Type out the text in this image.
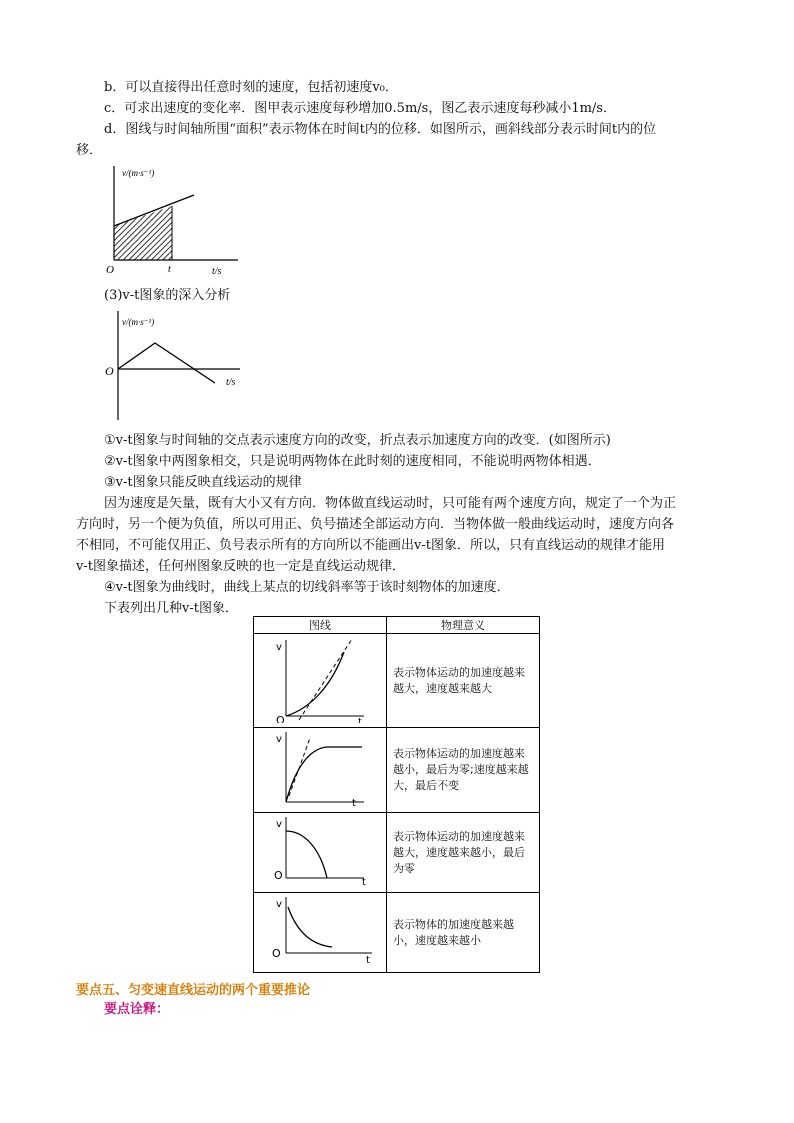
b．可以直接得出任意时刻的速度，包括初速度v₀．
c．可求出速度的变化率．图甲表示速度每秒增加0.5m/s，图乙表示速度每秒减小1m/s．
d．图线与时间轴所围“面积”表示物体在时间t内的位移．如图所示，画斜线部分表示时间t内的位
移．
v/(m·s⁻¹)
O	t	t/s
(3)v-t图象的深入分析
v/(m·s⁻¹)
O
t/s
①v-t图象与时间轴的交点表示速度方向的改变，折点表示加速度方向的改变．(如图所示)
②v-t图象中两图象相交，只是说明两物体在此时刻的速度相同，不能说明两物体相遇．
③v-t图象只能反映直线运动的规律
因为速度是矢量，既有大小又有方向．物体做直线运动时，只可能有两个速度方向，规定了一个为正
方向时，另一个便为负值，所以可用正、负号描述全部运动方向．当物体做一般曲线运动时，速度方向各
不相同，不可能仅用正、负号表示所有的方向所以不能画出v-t图象．所以，只有直线运动的规律才能用
v-t图象描述，任何州图象反映的也一定是直线运动规律．
④v-t图象为曲线时，曲线上某点的切线斜率等于该时刻物体的加速度．
下表列出几种v-t图象．
图线	物理意义

v
O t	表示物体运动的加速度越来越大，速度越来越大

v
t	表示物体运动的加速度越来越小，最后为零;速度越来越大，最后不变

v
O
t	表示物体运动的加速度越来越大，速度越来越小，最后为零

v
O
t	表示物体的加速度越来越小，速度越来越小
要点五、匀变速直线运动的两个重要推论
要点诠释：
